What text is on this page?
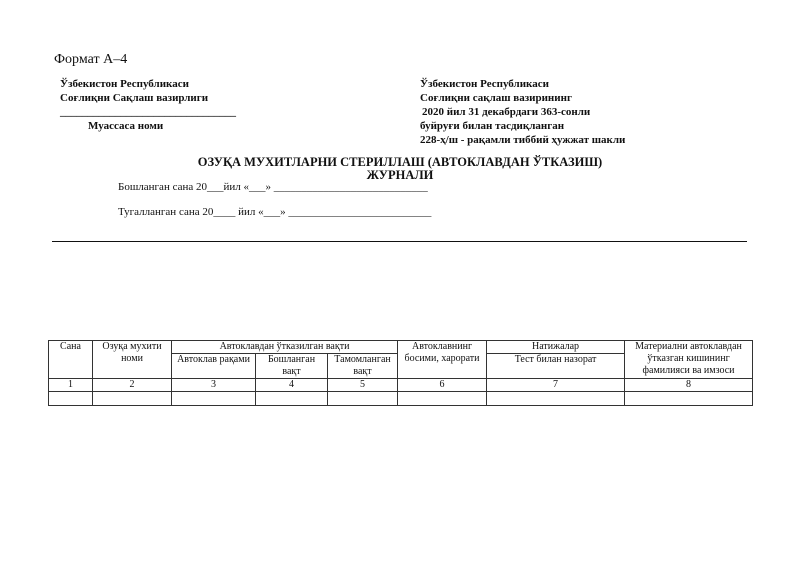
Формат А–4
Ўзбекистон Республикаси
Соғлиқни Сақлаш вазирлиги
________________________________
Муассаса номи
Ўзбекистон Республикаси
Соғлиқни сақлаш вазирининг
2020 йил 31 декабрдаги 363-сонли
буйруғи билан тасдиқланган
228-ҳ/ш - рақамли тиббий ҳужжат шакли
ОЗУҚА МУХИТЛАРНИ СТЕРИЛЛАШ (АВТОКЛАВДАН ЎТКАЗИШ)
ЖУРНАЛИ
Бошланган сана 20___йил «___» ____________________________
Тугалланган сана 20____ йил «___» __________________________
Сана	Озуқа мухити номи	Автоклавдан ўтказилган вақти			Автоклавнинг босими, харорати	Натижалар	Материални автоклавдан ўтказган кишининг фамилияси ва имзоси
		Автоклав рақами	Бошланган вақт	Тамомланган вақт		Тест билан назорат	
1	2	3	4	5	6	7	8
